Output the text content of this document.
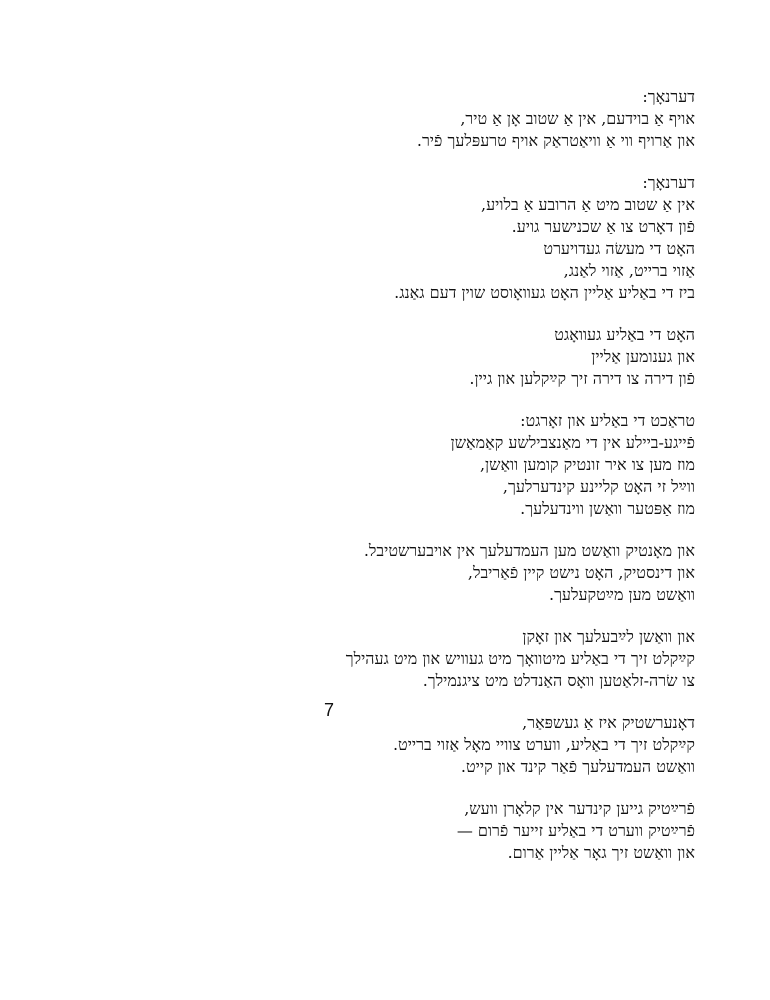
דערנאָך:
אויף אַ בוידעם, אין אַ שטוב אָן אַ טיר,
און אַרויף ווי אַ וויאַטראַק אויף טרעפּלעך פֿיר.
דערנאָך:
אין אַ שטוב מיט אַ הרובע אַ בלויע,
פֿון דאָרט צו אַ שכנישער גויע.
האָט די מעשׂה געדויערט
אַזוי ברייט, אַזוי לאַנג,
ביז די באַליע אַליין האָט געוואָוסט שוין דעם גאַנג.
האָט די באַליע געוואָגט
און גענומען אַליין
פֿון דירה צו דירה זיך קײַקלען און גיין.
טראַכט די באַליע און זאָרגט:
פֿייגע-ביילע אין די מאַנצבילשע קאַמאַשן
מוז מען צו איר זונטיק קומען וואַשן,
ווײַל זי האָט קליינע קינדערלעך,
מוז אַפּטער וואַשן ווינדעלעך.
און מאָנטיק וואַשט מען העמדעלעך אין אויבערשטיבל.
און דינסטיק, האָט נישט קיין פֿאַריבל,
וואַשט מען מײַטקעלעך.
און וואַשן לײַבעלעך און זאָקן
קײַקלט זיך די באַליע מיטוואָך מיט געוויש און מיט געהילך
צו שׂרה-זלאַטען וואָס האַנדלט מיט ציגנמילך.
דאָנערשטיק איז אַ געשפּאַר,
קײַקלט זיך די באַליע, ווערט צוויי מאָל אַזוי ברייט.
וואַשט העמדעלעך פֿאַר קינד און קייט.
פֿרײַטיק גייען קינדער אין קלאָרן וועש,
פֿרײַטיק ווערט די באַליע זייער פֿרום —
און וואַשט זיך גאָר אַליין אַרום.
7
